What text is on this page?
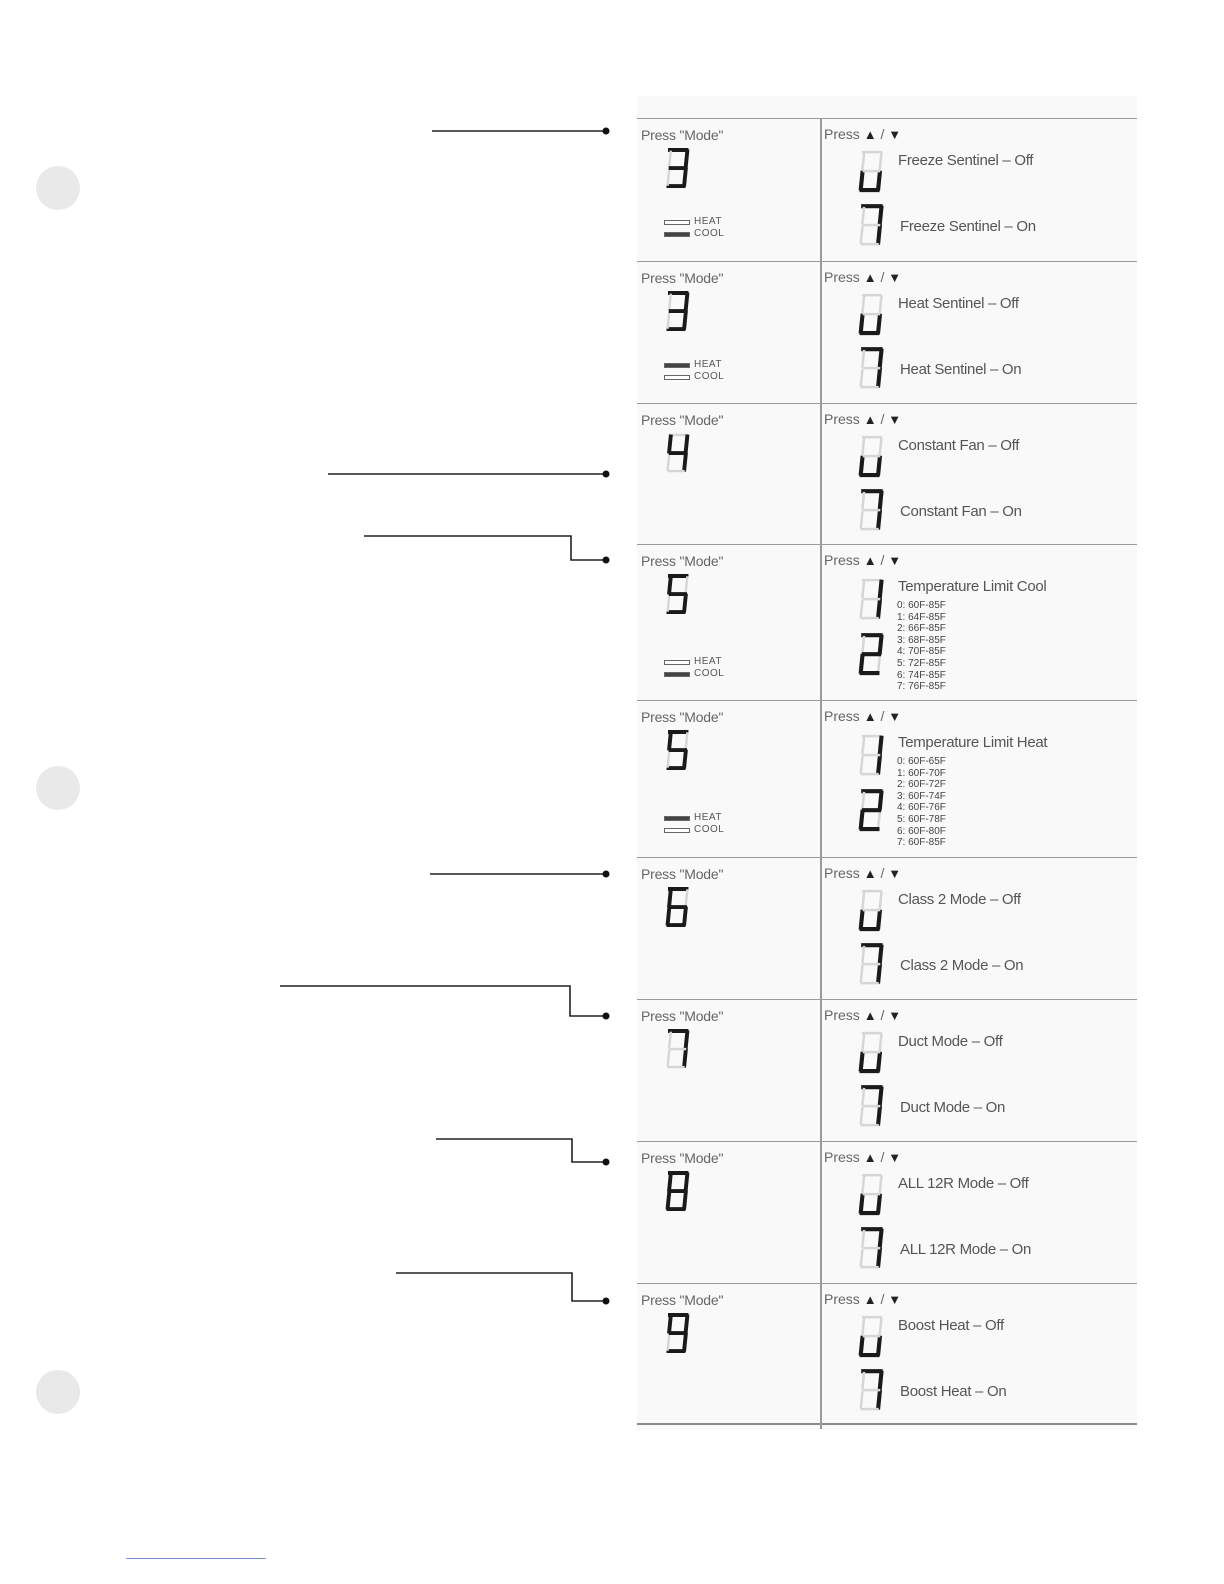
Press "Mode"	Press ▲ / ▼
HEAT
COOL
Freeze Sentinel – Off
Freeze Sentinel – On
Press "Mode"	Press ▲ / ▼
HEAT
COOL
Heat Sentinel – Off
Heat Sentinel – On
Press "Mode"	Press ▲ / ▼
Constant Fan – Off
Constant Fan – On
Press "Mode"	Press ▲ / ▼
HEAT
COOL
Temperature Limit Cool
0: 60F-85F
1: 64F-85F
2: 66F-85F
3: 68F-85F
4: 70F-85F
5: 72F-85F
6: 74F-85F
7: 76F-85F
Press "Mode"	Press ▲ / ▼
HEAT
COOL
Temperature Limit Heat
0: 60F-65F
1: 60F-70F
2: 60F-72F
3: 60F-74F
4: 60F-76F
5: 60F-78F
6: 60F-80F
7: 60F-85F
Press "Mode"	Press ▲ / ▼
Class 2 Mode – Off
Class 2 Mode – On
Press "Mode"	Press ▲ / ▼
Duct Mode – Off
Duct Mode – On
Press "Mode"	Press ▲ / ▼
ALL 12R Mode – Off
ALL 12R Mode – On
Press "Mode"	Press ▲ / ▼
Boost Heat – Off
Boost Heat – On
